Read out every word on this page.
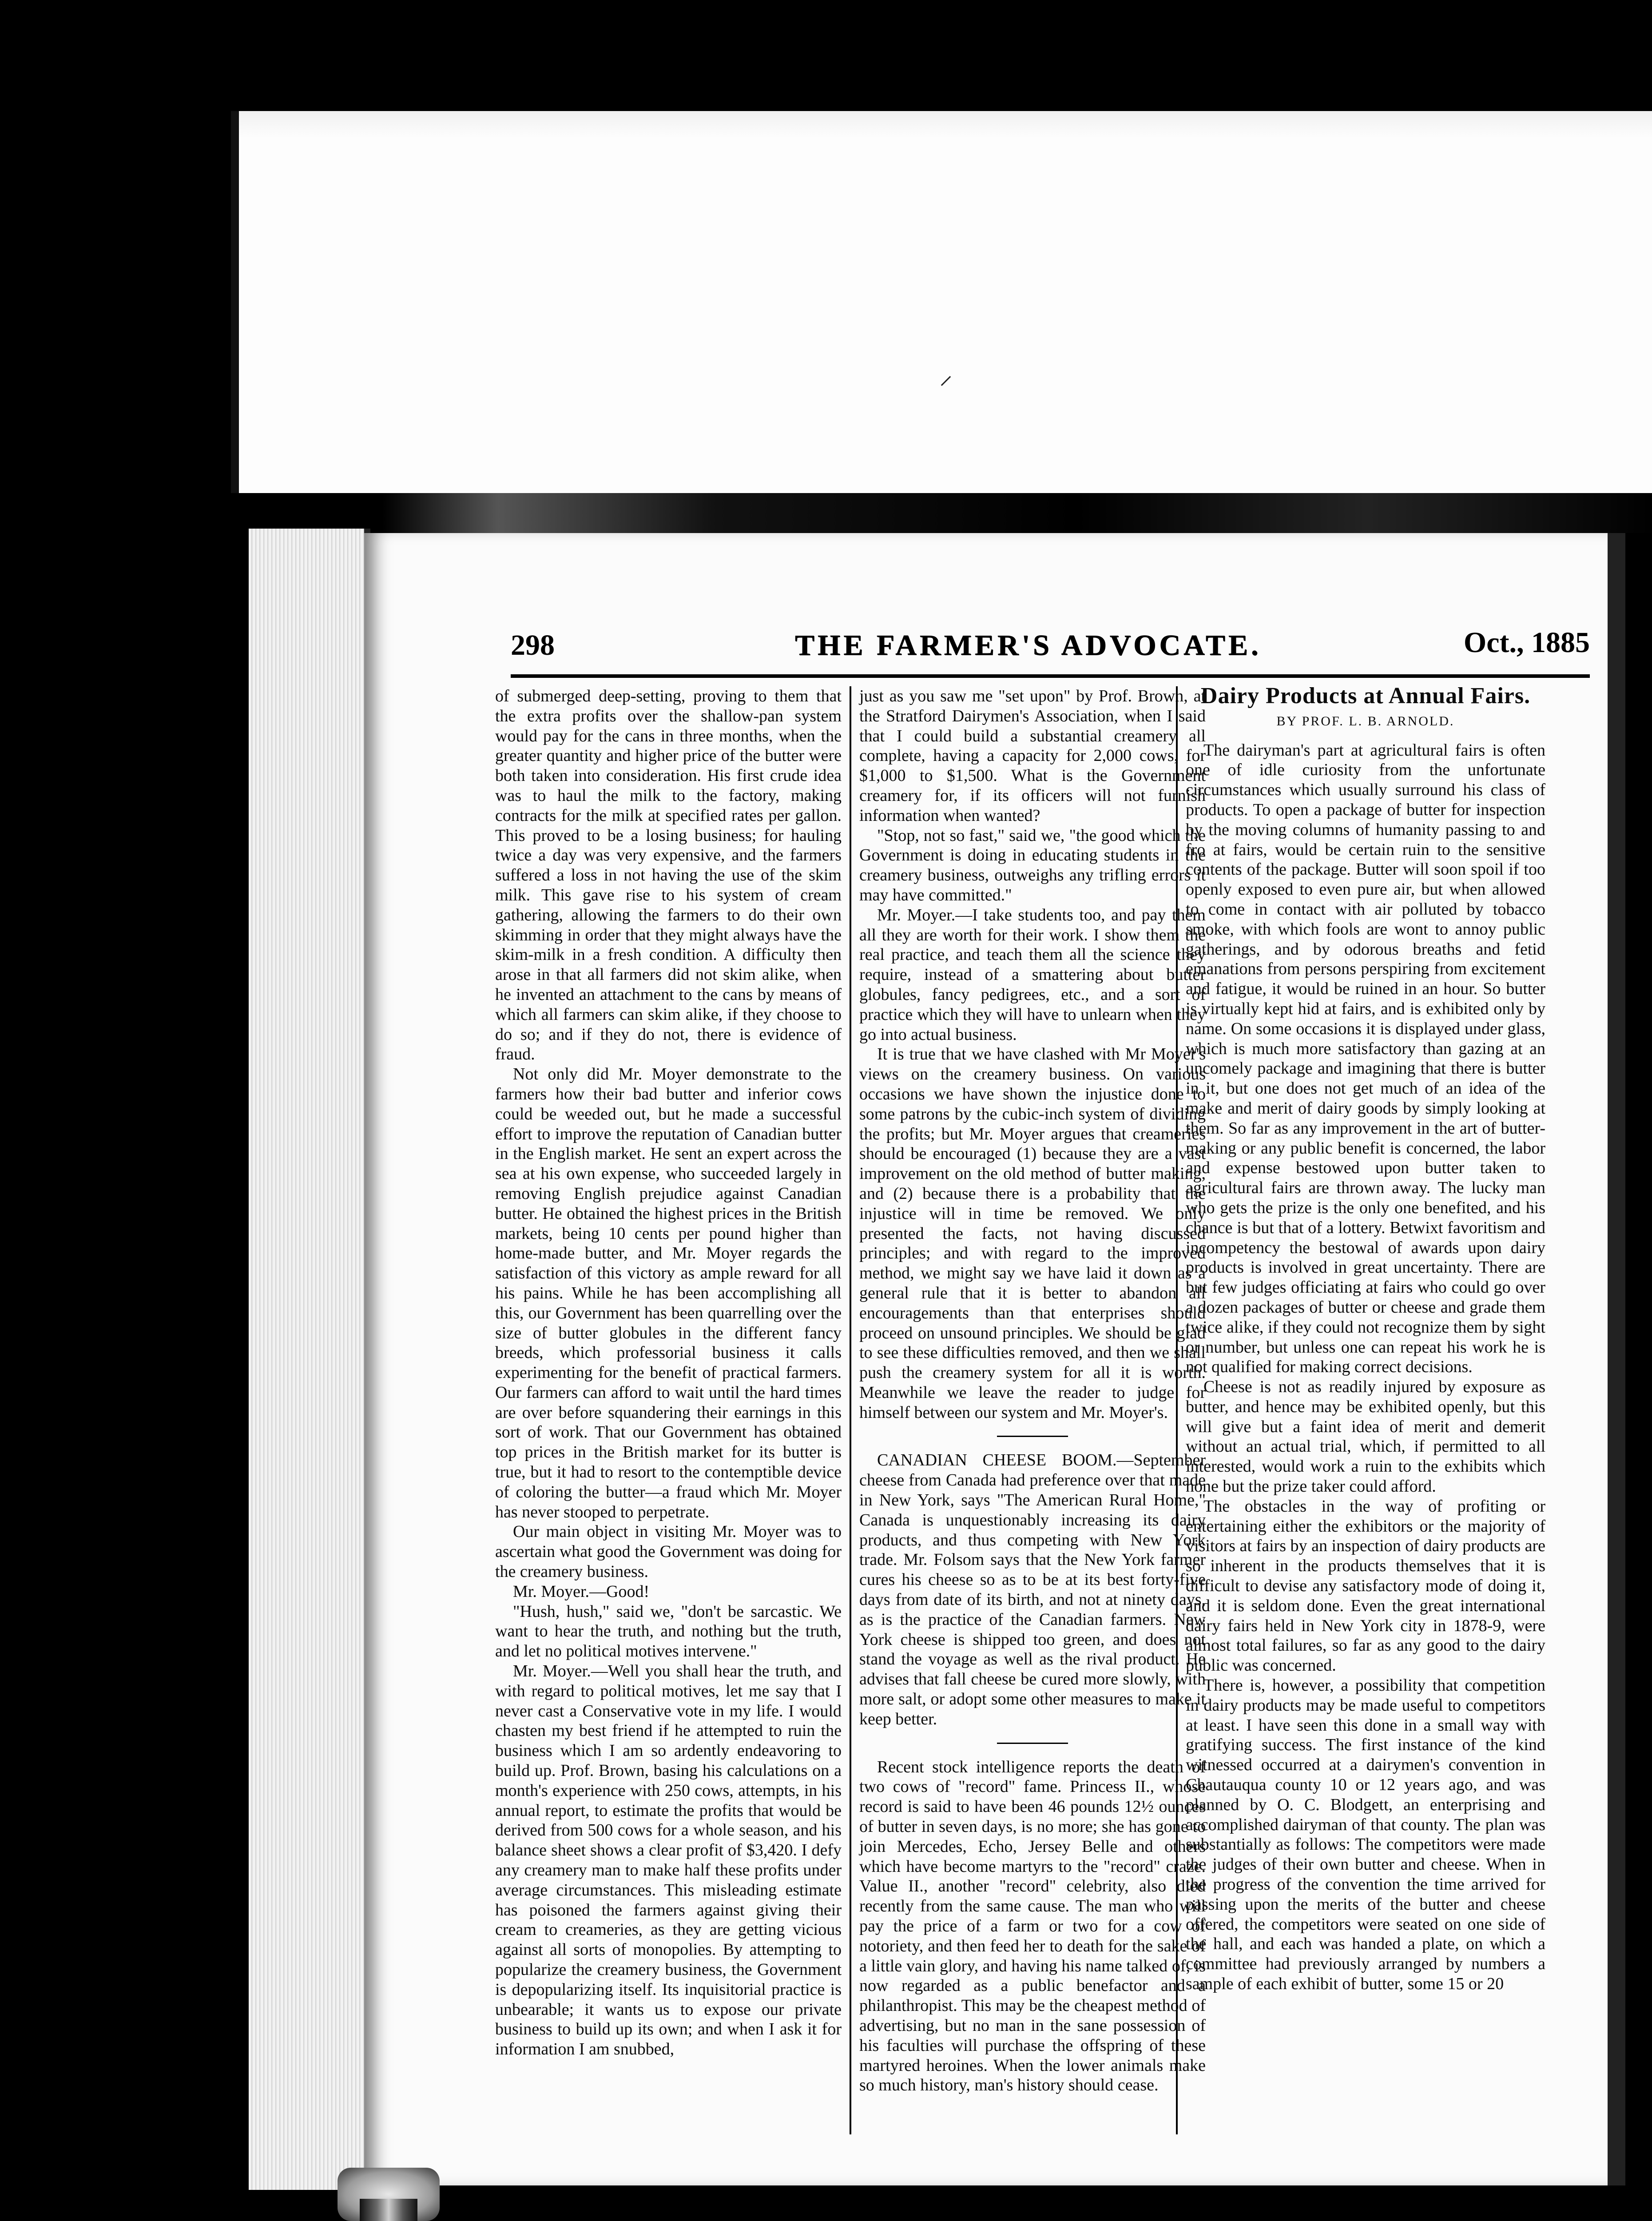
⸝
298	THE FARMER'S ADVOCATE.	Oct., 1885

of submerged deep-setting, proving to them that the extra profits over the shallow-pan system would pay for the cans in three months, when the greater quantity and higher price of the butter were both taken into consideration. His first crude idea was to haul the milk to the factory, making contracts for the milk at specified rates per gallon. This proved to be a losing business; for hauling twice a day was very expensive, and the farmers suffered a loss in not having the use of the skim milk. This gave rise to his system of cream gathering, allowing the farmers to do their own skimming in order that they might always have the skim-milk in a fresh condition. A difficulty then arose in that all farmers did not skim alike, when he invented an attachment to the cans by means of which all farmers can skim alike, if they choose to do so; and if they do not, there is evidence of fraud.

Not only did Mr. Moyer demonstrate to the farmers how their bad butter and inferior cows could be weeded out, but he made a successful effort to improve the reputation of Canadian butter in the English market. He sent an expert across the sea at his own expense, who succeeded largely in removing English prejudice against Canadian butter. He obtained the highest prices in the British markets, being 10 cents per pound higher than home-made butter, and Mr. Moyer regards the satisfaction of this victory as ample reward for all his pains. While he has been accomplishing all this, our Government has been quarrelling over the size of butter globules in the different fancy breeds, which professorial business it calls experimenting for the benefit of practical farmers. Our farmers can afford to wait until the hard times are over before squandering their earnings in this sort of work. That our Government has obtained top prices in the British market for its butter is true, but it had to resort to the contemptible device of coloring the butter—a fraud which Mr. Moyer has never stooped to perpetrate.

Our main object in visiting Mr. Moyer was to ascertain what good the Government was doing for the creamery business.

Mr. Moyer.—Good!

"Hush, hush," said we, "don't be sarcastic. We want to hear the truth, and nothing but the truth, and let no political motives intervene."

Mr. Moyer.—Well you shall hear the truth, and with regard to political motives, let me say that I never cast a Conservative vote in my life. I would chasten my best friend if he attempted to ruin the business which I am so ardently endeavoring to build up. Prof. Brown, basing his calculations on a month's experience with 250 cows, attempts, in his annual report, to estimate the profits that would be derived from 500 cows for a whole season, and his balance sheet shows a clear profit of $3,420. I defy any creamery man to make half these profits under average circumstances. This misleading estimate has poisoned the farmers against giving their cream to creameries, as they are getting vicious against all sorts of monopolies. By attempting to popularize the creamery business, the Government is depopularizing itself. Its inquisitorial practice is unbearable; it wants us to expose our private business to build up its own; and when I ask it for information I am snubbed,

just as you saw me "set upon" by Prof. Brown, at the Stratford Dairymen's Association, when I said that I could build a substantial creamery all complete, having a capacity for 2,000 cows, for $1,000 to $1,500. What is the Government creamery for, if its officers will not furnish information when wanted?

"Stop, not so fast," said we, "the good which the Government is doing in educating students in the creamery business, outweighs any trifling errors it may have committed."

Mr. Moyer.—I take students too, and pay them all they are worth for their work. I show them the real practice, and teach them all the science they require, instead of a smattering about butter globules, fancy pedigrees, etc., and a sort of practice which they will have to unlearn when they go into actual business.

It is true that we have clashed with Mr Moyer's views on the creamery business. On various occasions we have shown the injustice done to some patrons by the cubic-inch system of dividing the profits; but Mr. Moyer argues that creameries should be encouraged (1) because they are a vast improvement on the old method of butter making, and (2) because there is a probability that the injustice will in time be removed. We only presented the facts, not having discussed principles; and with regard to the improved method, we might say we have laid it down as a general rule that it is better to abandon all encouragements than that enterprises should proceed on unsound principles. We should be glad to see these difficulties removed, and then we shall push the creamery system for all it is worth. Meanwhile we leave the reader to judge for himself between our system and Mr. Moyer's.

CANADIAN CHEESE BOOM.—September cheese from Canada had preference over that made in New York, says "The American Rural Home," Canada is unquestionably increasing its dairy products, and thus competing with New York trade. Mr. Folsom says that the New York farmer cures his cheese so as to be at its best forty-five days from date of its birth, and not at ninety days, as is the practice of the Canadian farmers. New York cheese is shipped too green, and does not stand the voyage as well as the rival product. He advises that fall cheese be cured more slowly, with more salt, or adopt some other measures to make it keep better.

Recent stock intelligence reports the death of two cows of "record" fame. Princess II., whose record is said to have been 46 pounds 12½ ounces of butter in seven days, is no more; she has gone to join Mercedes, Echo, Jersey Belle and others which have become martyrs to the "record" craze. Value II., another "record" celebrity, also died recently from the same cause. The man who will pay the price of a farm or two for a cow of notoriety, and then feed her to death for the sake of a little vain glory, and having his name talked of, is now regarded as a public benefactor and a philanthropist. This may be the cheapest method of advertising, but no man in the sane possession of his faculties will purchase the offspring of these martyred heroines. When the lower animals make so much history, man's history should cease.

Dairy Products at Annual Fairs.
BY PROF. L. B. ARNOLD.

The dairyman's part at agricultural fairs is often one of idle curiosity from the unfortunate circumstances which usually surround his class of products. To open a package of butter for inspection by the moving columns of humanity passing to and fro at fairs, would be certain ruin to the sensitive contents of the package. Butter will soon spoil if too openly exposed to even pure air, but when allowed to come in contact with air polluted by tobacco smoke, with which fools are wont to annoy public gatherings, and by odorous breaths and fetid emanations from persons perspiring from excitement and fatigue, it would be ruined in an hour. So butter is virtually kept hid at fairs, and is exhibited only by name. On some occasions it is displayed under glass, which is much more satisfactory than gazing at an uncomely package and imagining that there is butter in it, but one does not get much of an idea of the make and merit of dairy goods by simply looking at them. So far as any improvement in the art of butter-making or any public benefit is concerned, the labor and expense bestowed upon butter taken to agricultural fairs are thrown away. The lucky man who gets the prize is the only one benefited, and his chance is but that of a lottery. Betwixt favoritism and incompetency the bestowal of awards upon dairy products is involved in great uncertainty. There are but few judges officiating at fairs who could go over a dozen packages of butter or cheese and grade them twice alike, if they could not recognize them by sight or number, but unless one can repeat his work he is not qualified for making correct decisions.

Cheese is not as readily injured by exposure as butter, and hence may be exhibited openly, but this will give but a faint idea of merit and demerit without an actual trial, which, if permitted to all interested, would work a ruin to the exhibits which none but the prize taker could afford.

The obstacles in the way of profiting or entertaining either the exhibitors or the majority of visitors at fairs by an inspection of dairy products are so inherent in the products themselves that it is difficult to devise any satisfactory mode of doing it, and it is seldom done. Even the great international dairy fairs held in New York city in 1878-9, were almost total failures, so far as any good to the dairy public was concerned.

There is, however, a possibility that competition in dairy products may be made useful to competitors at least. I have seen this done in a small way with gratifying success. The first instance of the kind witnessed occurred at a dairymen's convention in Chautauqua county 10 or 12 years ago, and was planned by O. C. Blodgett, an enterprising and accomplished dairyman of that county. The plan was substantially as follows: The competitors were made the judges of their own butter and cheese. When in the progress of the convention the time arrived for passing upon the merits of the butter and cheese offered, the competitors were seated on one side of the hall, and each was handed a plate, on which a committee had previously arranged by numbers a sample of each exhibit of butter, some 15 or 20
